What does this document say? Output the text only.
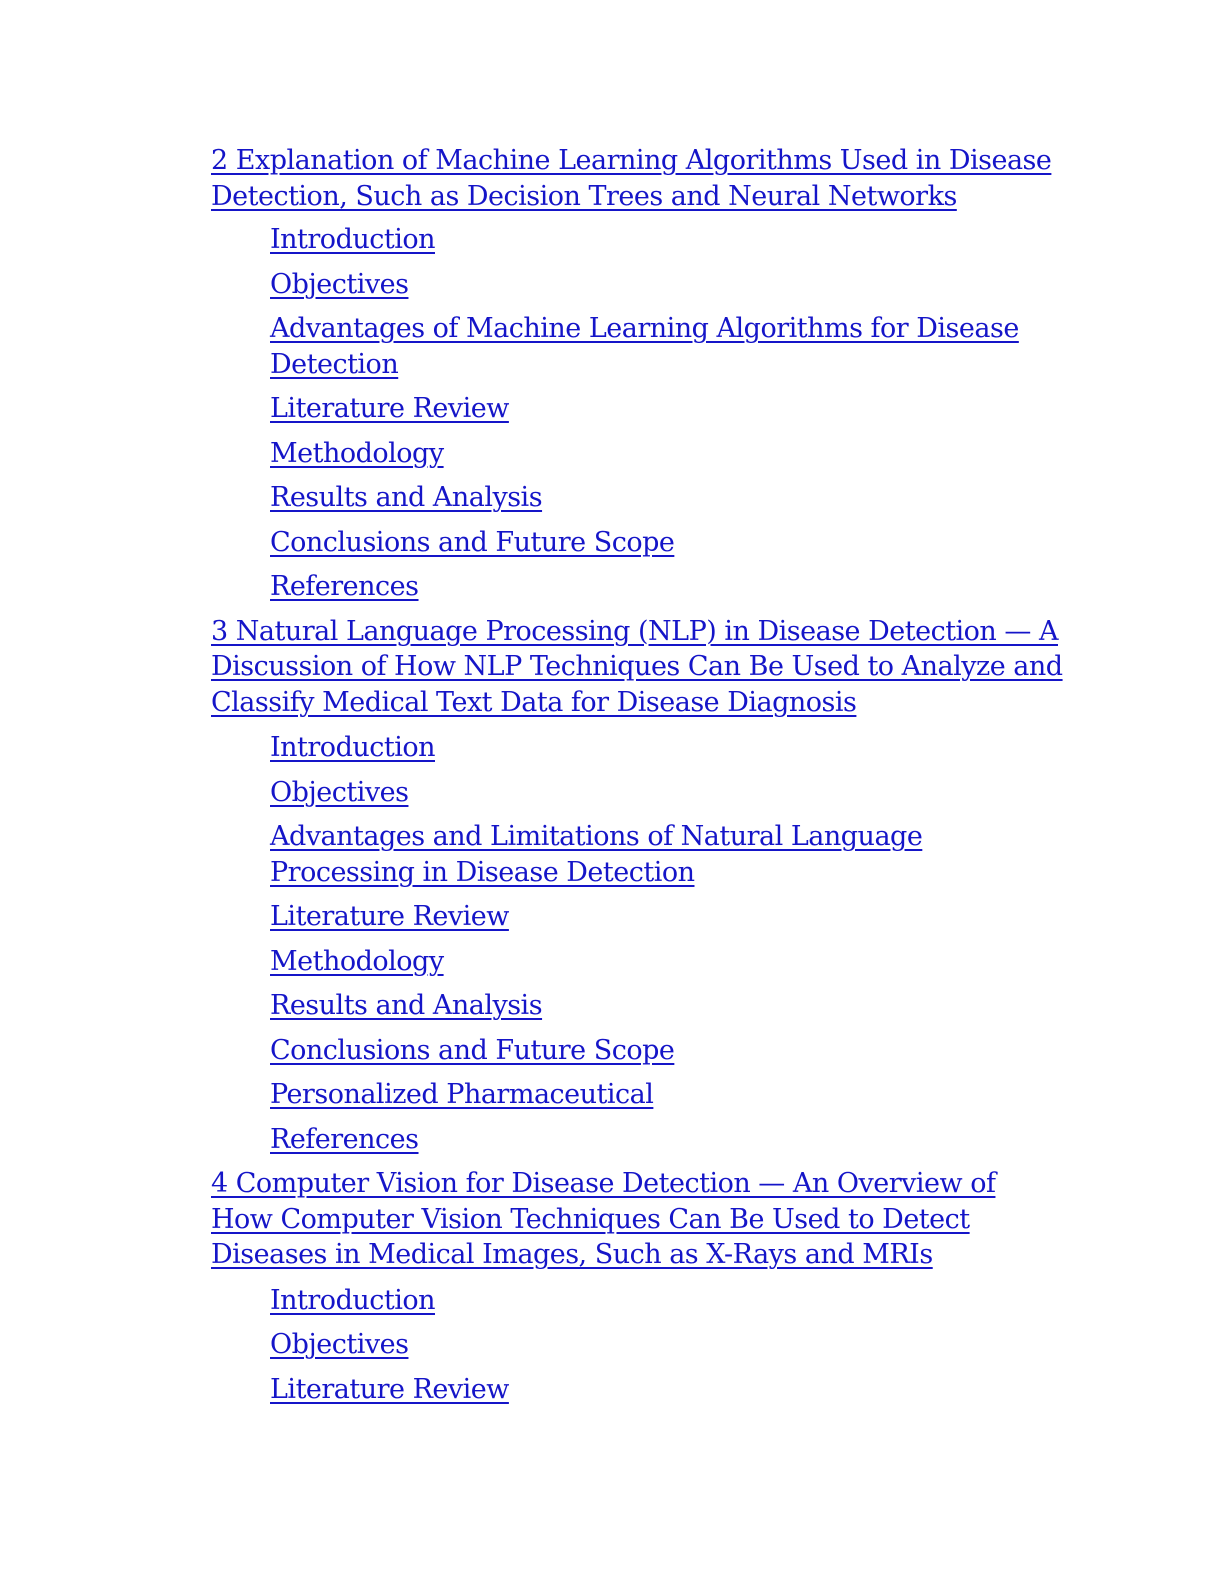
2 Explanation of Machine Learning Algorithms Used in Disease Detection, Such as Decision Trees and Neural Networks
Introduction
Objectives
Advantages of Machine Learning Algorithms for Disease Detection
Literature Review
Methodology
Results and Analysis
Conclusions and Future Scope
References
3 Natural Language Processing (NLP) in Disease Detection — A Discussion of How NLP Techniques Can Be Used to Analyze and Classify Medical Text Data for Disease Diagnosis
Introduction
Objectives
Advantages and Limitations of Natural Language Processing in Disease Detection
Literature Review
Methodology
Results and Analysis
Conclusions and Future Scope
Personalized Pharmaceutical
References
4 Computer Vision for Disease Detection — An Overview of How Computer Vision Techniques Can Be Used to Detect Diseases in Medical Images, Such as X-Rays and MRIs
Introduction
Objectives
Literature Review
